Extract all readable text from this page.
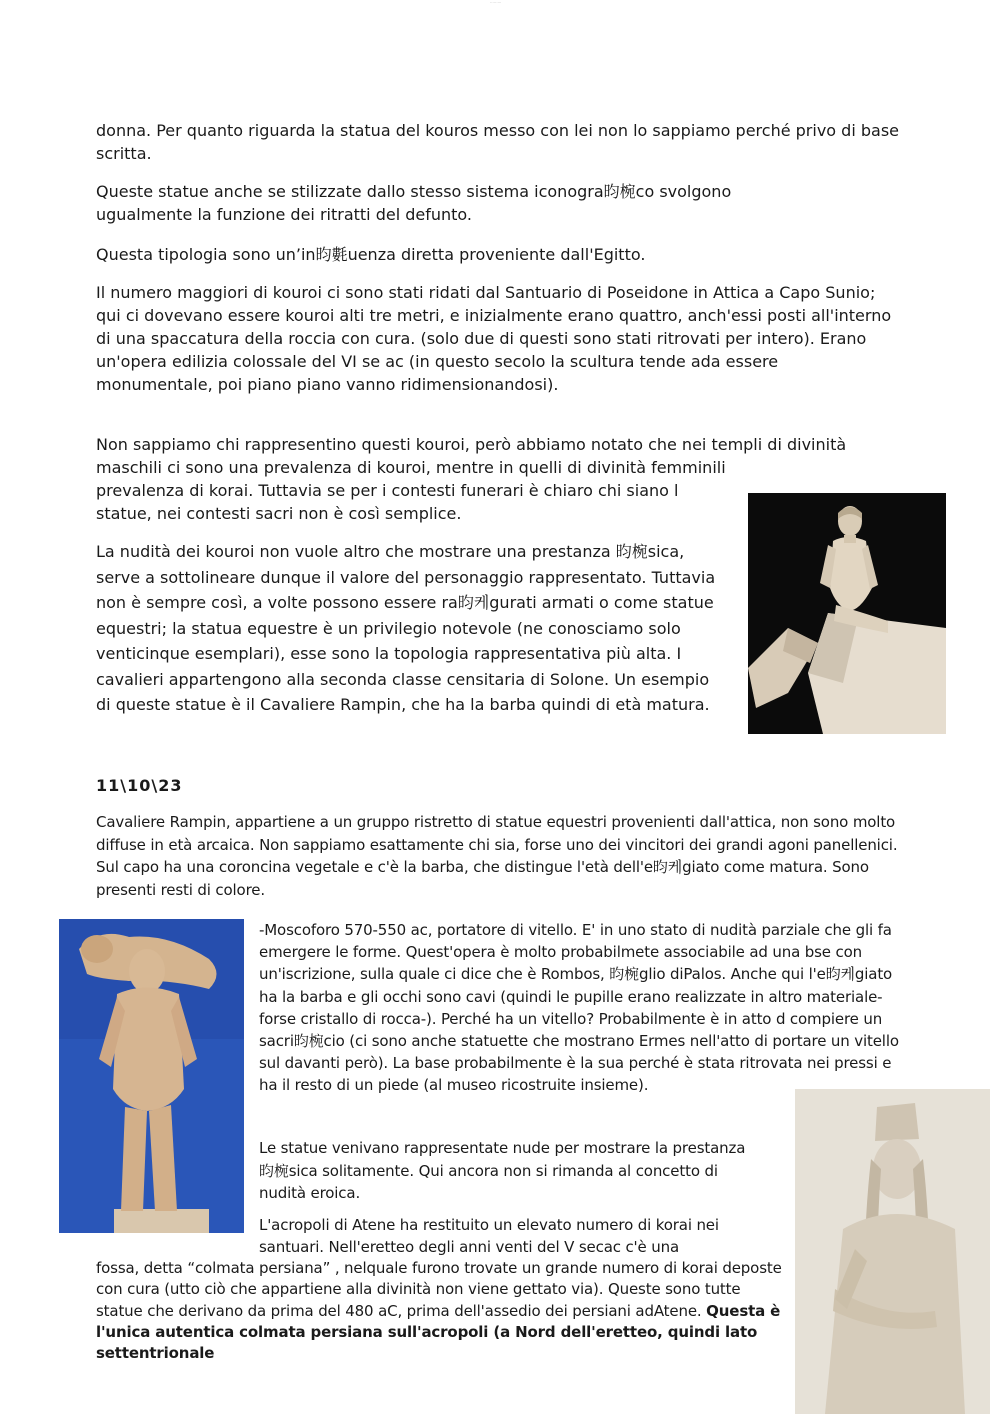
·········

donna. Per quanto riguarda la statua del kouros messo con lei non lo sappiamo perché privo di base scritta.

Queste statue anche se stilizzate dallo stesso sistema iconogra昀椀co svolgono ugualmente la funzione dei ritratti del defunto.

Questa tipologia sono un’in昀氀uenza diretta proveniente dall'Egitto.

Il numero maggiori di kouroi ci sono stati ridati dal Santuario di Poseidone in Attica a Capo Sunio; qui ci dovevano essere kouroi alti tre metri, e inizialmente erano quattro, anch'essi posti all'interno di una spaccatura della roccia con cura. (solo due di questi sono stati ritrovati per intero). Erano un'opera edilizia colossale del VI se ac (in questo secolo la scultura tende ada essere monumentale, poi piano piano vanno ridimensionandosi).

Non sappiamo chi rappresentino questi kouroi, però abbiamo notato che nei templi di divinità maschili ci sono una prevalenza di kouroi, mentre in quelli di divinità femminili

prevalenza di korai. Tuttavia se per i contesti funerari è chiaro chi siano l statue, nei contesti sacri non è così semplice.

La nudità dei kouroi non vuole altro che mostrare una prestanza 昀椀sica, serve a sottolineare dunque il valore del personaggio rappresentato. Tuttavia non è sempre così, a volte possono essere ra昀케gurati armati o come statue equestri; la statua equestre è un privilegio notevole (ne conosciamo solo venticinque esemplari), esse sono la topologia rappresentativa più alta. I cavalieri appartengono alla seconda classe censitaria di Solone. Un esempio di queste statue è il Cavaliere Rampin, che ha la barba quindi di età matura.

11\10\23

Cavaliere Rampin, appartiene a un gruppo ristretto di statue equestri provenienti dall'attica, non sono molto diffuse in età arcaica. Non sappiamo esattamente chi sia, forse uno dei vincitori dei grandi agoni panellenici. Sul capo ha una coroncina vegetale e c'è la barba, che distingue l'età dell'e昀케giato come matura. Sono presenti resti di colore.

-Moscoforo 570-550 ac, portatore di vitello. E' in uno stato di nudità parziale che gli fa emergere le forme. Quest'opera è molto probabilmete associabile ad una bse con un'iscrizione, sulla quale ci dice che è Rombos, 昀椀glio diPalos. Anche qui l'e昀케giato ha la barba e gli occhi sono cavi (quindi le pupille erano realizzate in altro materiale- forse cristallo di rocca-). Perché ha un vitello? Probabilmente è in atto d compiere un sacri昀椀cio (ci sono anche statuette che mostrano Ermes nell'atto di portare un vitello sul davanti però). La base probabilmente è la sua perché è stata ritrovata nei pressi e ha il resto di un piede (al museo ricostruite insieme).

Le statue venivano rappresentate nude per mostrare la prestanza 昀椀sica solitamente. Qui ancora non si rimanda al concetto di nudità eroica.

L'acropoli di Atene ha restituito un elevato numero di korai nei santuari. Nell'eretteo degli anni venti del V secac c'è una

fossa, detta “colmata persiana” , nelquale furono trovate un grande numero di korai deposte con cura (utto ciò che appartiene alla divinità non viene gettato via). Queste sono tutte statue che derivano da prima del 480 aC, prima dell'assedio dei persiani adAtene. Questa è l'unica autentica colmata persiana sull'acropoli (a Nord dell'eretteo, quindi lato settentrionale
